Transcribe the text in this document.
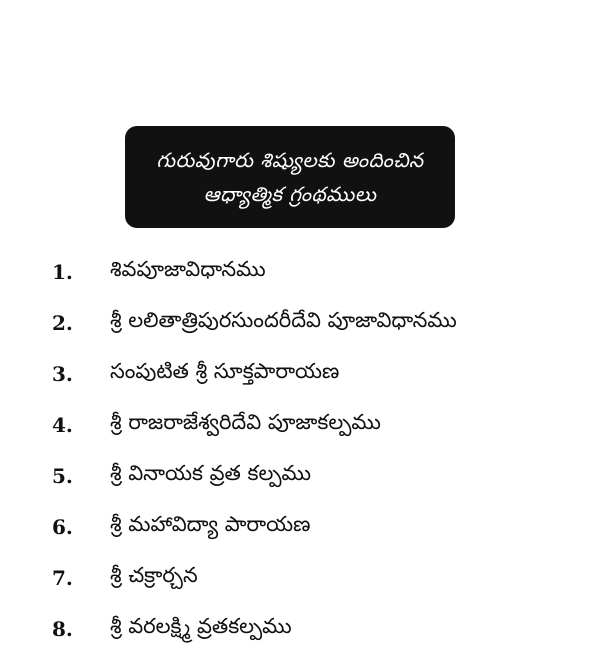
గురువుగారు శిష్యులకు అందించిన
ఆధ్యాత్మిక గ్రంథములు
1.	శివపూజావిధానము
2.	శ్రీ లలితాత్రిపురసుందరీదేవి పూజావిధానము
3.	సంపుటిత శ్రీ సూక్తపారాయణ
4.	శ్రీ రాజరాజేశ్వరిదేవి పూజాకల్పము
5.	శ్రీ వినాయక వ్రత కల్పము
6.	శ్రీ మహావిద్యా పారాయణ
7.	శ్రీ చక్రార్చన
8.	శ్రీ వరలక్ష్మి వ్రతకల్పము
